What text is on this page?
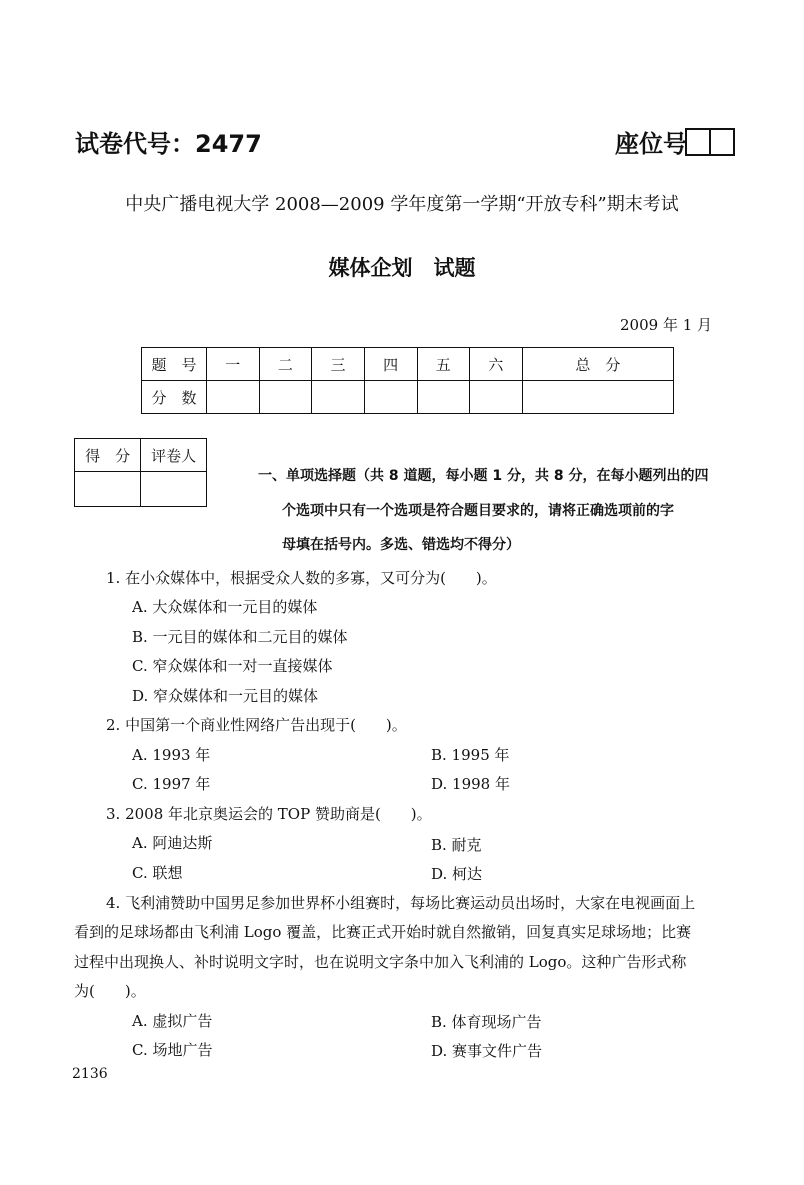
试卷代号：2477	座位号
中央广播电视大学 2008—2009 学年度第一学期“开放专科”期末考试
媒体企划　试题
2009 年 1 月
题　号	一	二	三	四	五	六	总　分
分　数							
得　分	评卷人

一、单项选择题（共 8 道题，每小题 1 分，共 8 分，在每小题列出的四
个选项中只有一个选项是符合题目要求的，请将正确选项前的字
母填在括号内。多选、错选均不得分）
1. 在小众媒体中，根据受众人数的多寡，又可分为(　　)。
A. 大众媒体和一元目的媒体
B. 一元目的媒体和二元目的媒体
C. 窄众媒体和一对一直接媒体
D. 窄众媒体和一元目的媒体
2. 中国第一个商业性网络广告出现于(　　)。
A. 1993 年	B. 1995 年
C. 1997 年	D. 1998 年
3. 2008 年北京奥运会的 TOP 赞助商是(　　)。
A. 阿迪达斯	B. 耐克
C. 联想	D. 柯达
4. 飞利浦赞助中国男足参加世界杯小组赛时，每场比赛运动员出场时，大家在电视画面上
看到的足球场都由飞利浦 Logo 覆盖，比赛正式开始时就自然撤销，回复真实足球场地；比赛
过程中出现换人、补时说明文字时，也在说明文字条中加入飞利浦的 Logo。这种广告形式称
为(　　)。
A. 虚拟广告	B. 体育现场广告
C. 场地广告	D. 赛事文件广告
2136
